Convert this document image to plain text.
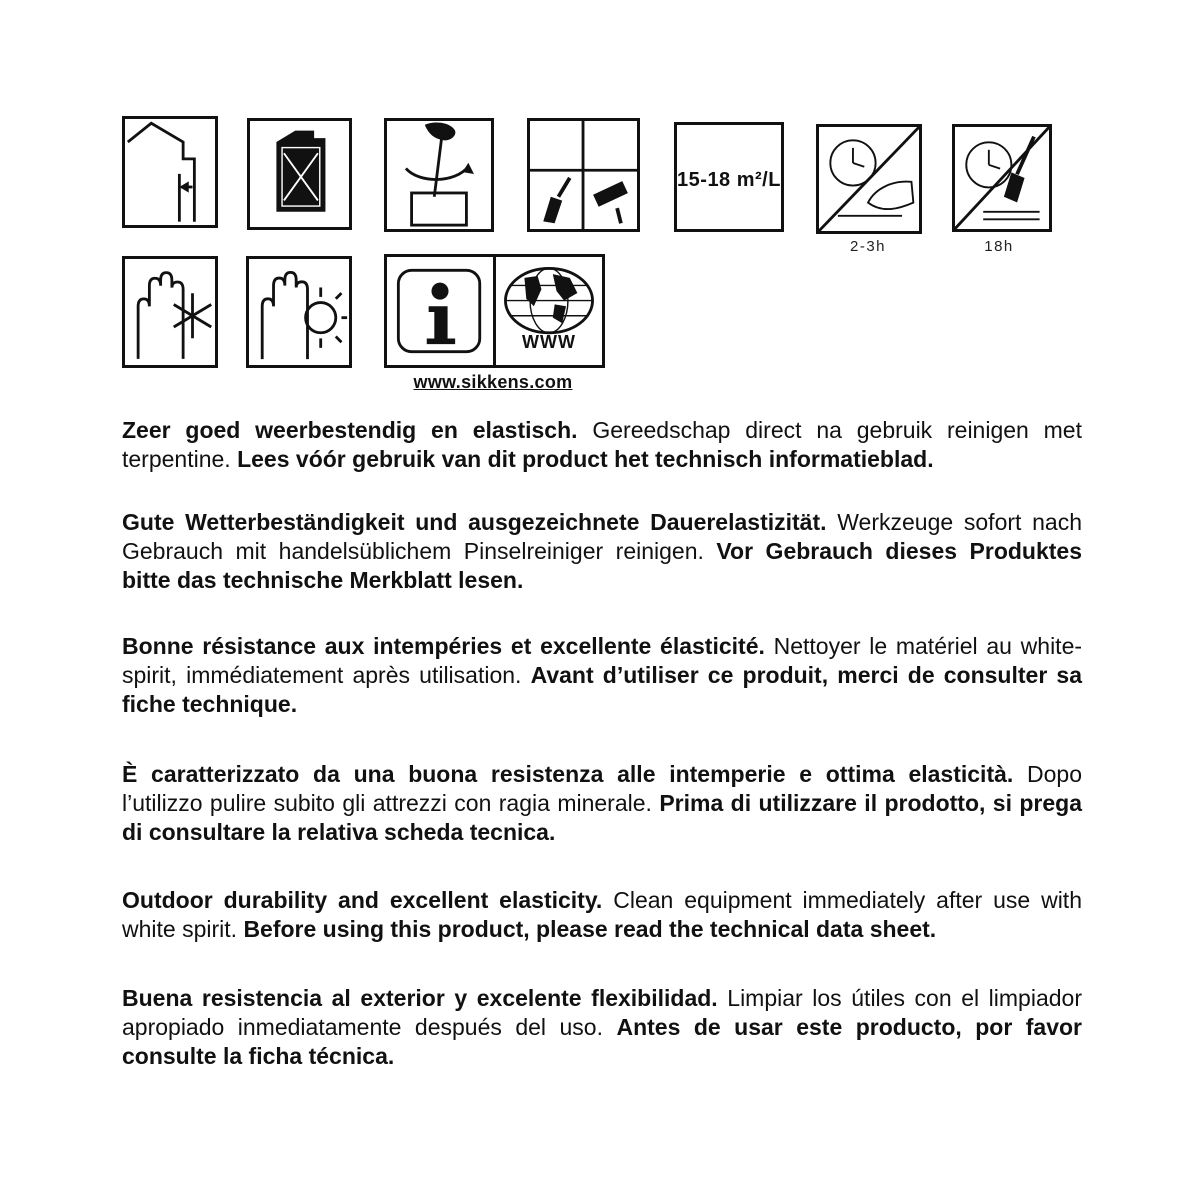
15-18 m²/L
2-3h	18h
WWW
www.sikkens.com

Zeer goed weerbestendig en elastisch. Gereedschap direct na gebruik reinigen met terpentine. Lees vóór gebruik van dit product het technisch informatieblad.

Gute Wetterbeständigkeit und ausgezeichnete Dauerelastizität. Werkzeuge sofort nach Gebrauch mit handelsüblichem Pinselreiniger reinigen. Vor Gebrauch dieses Produktes bitte das technische Merkblatt lesen.

Bonne résistance aux intempéries et excellente élasticité. Nettoyer le matériel au white-spirit, immédiatement après utilisation. Avant d’utiliser ce produit, merci de consulter sa fiche technique.

È caratterizzato da una buona resistenza alle intemperie e ottima elasticità. Dopo l’utilizzo pulire subito gli attrezzi con ragia minerale. Prima di utilizzare il prodotto, si prega di consultare la relativa scheda tecnica.

Outdoor durability and excellent elasticity. Clean equipment immediately after use with white spirit. Before using this product, please read the technical data sheet.

Buena resistencia al exterior y excelente flexibilidad. Limpiar los útiles con el limpiador apropiado inmediatamente después del uso. Antes de usar este producto, por favor consulte la ficha técnica.
